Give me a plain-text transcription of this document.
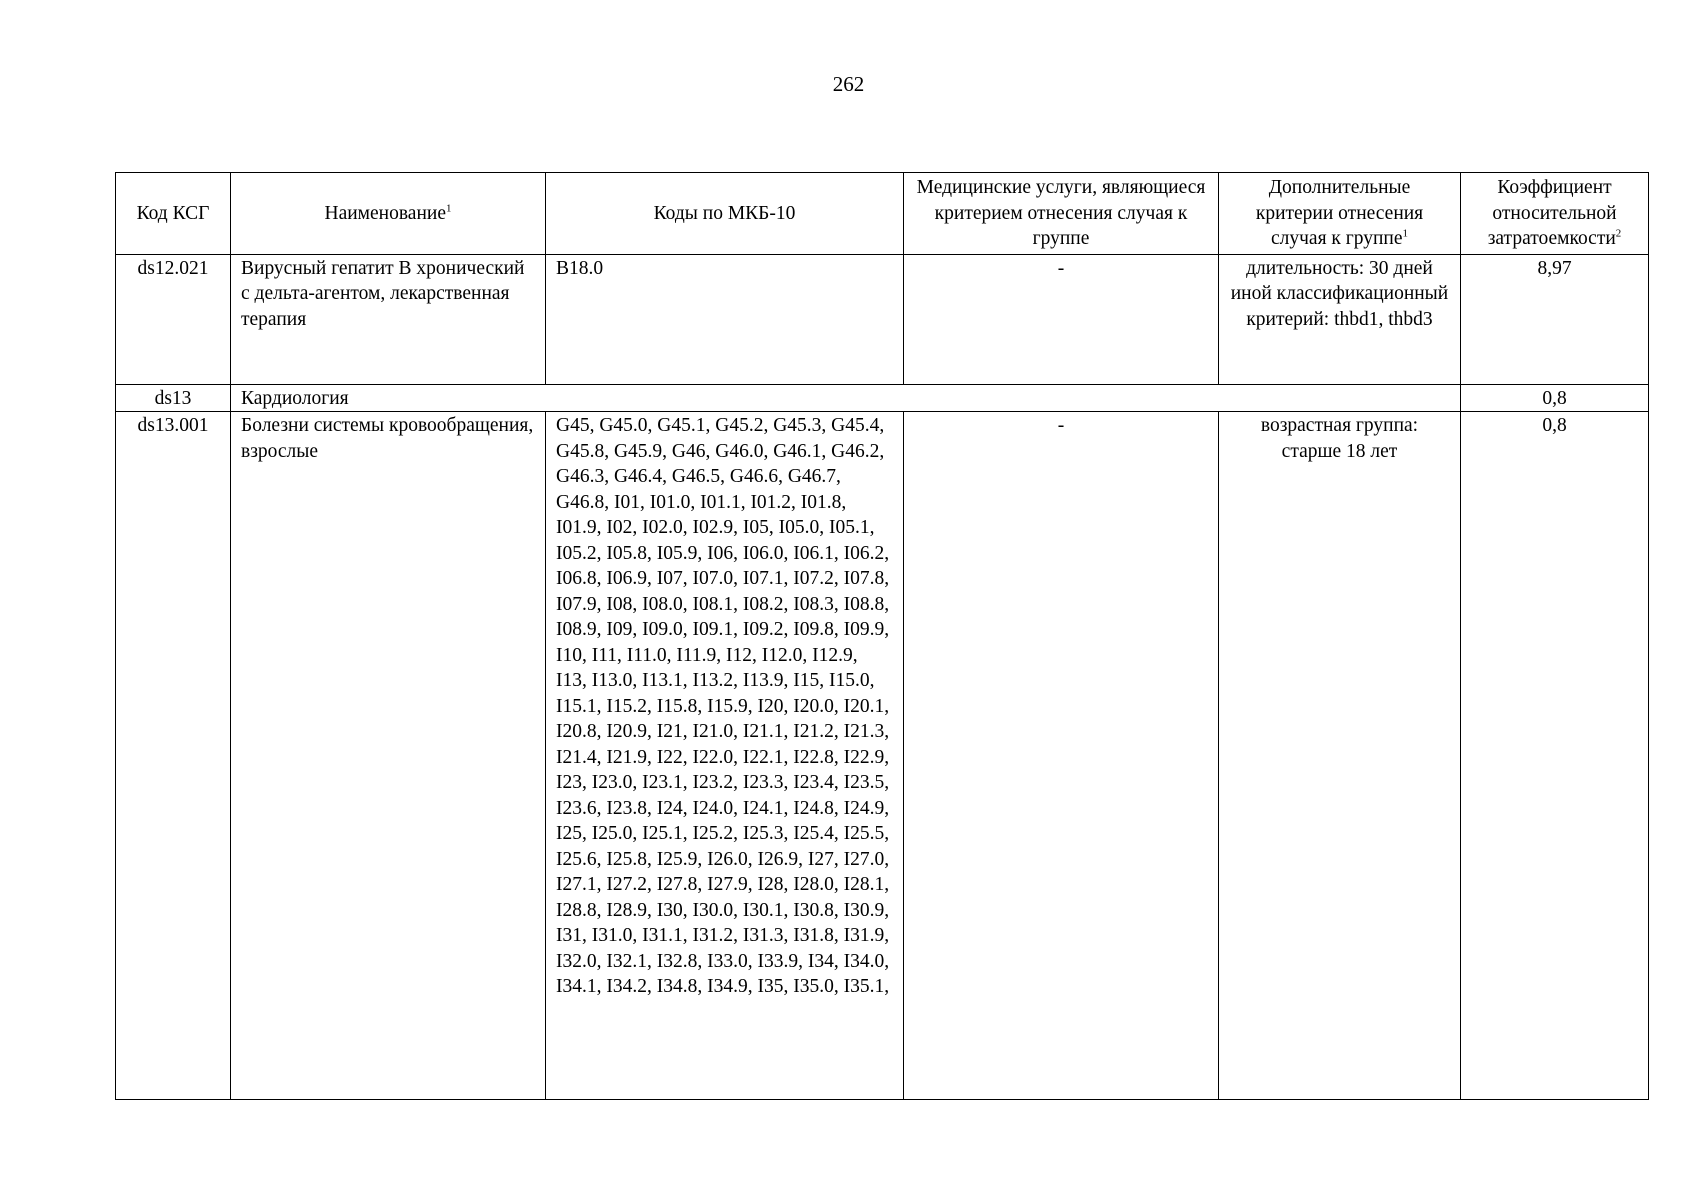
262
Код КСГ	Наименование$^1$	Коды по МКБ-10	Медицинские услуги, являющиеся критерием отнесения случая к группе	Дополнительные критерии отнесения случая к группе$^1$	Коэффициент относительной затратоемкости$^2$
ds12.021	Вирусный гепатит B хронический с дельта-агентом, лекарственная терапия	B18.0	-	длительность: 30 дней иной классификационный критерий: thbd1, thbd3	8,97
ds13	Кардиология				0,8
ds13.001	Болезни системы кровообращения, взрослые	G45, G45.0, G45.1, G45.2, G45.3, G45.4, G45.8, G45.9, G46, G46.0, G46.1, G46.2, G46.3, G46.4, G46.5, G46.6, G46.7, G46.8, I01, I01.0, I01.1, I01.2, I01.8, I01.9, I02, I02.0, I02.9, I05, I05.0, I05.1, I05.2, I05.8, I05.9, I06, I06.0, I06.1, I06.2, I06.8, I06.9, I07, I07.0, I07.1, I07.2, I07.8, I07.9, I08, I08.0, I08.1, I08.2, I08.3, I08.8, I08.9, I09, I09.0, I09.1, I09.2, I09.8, I09.9, I10, I11, I11.0, I11.9, I12, I12.0, I12.9, I13, I13.0, I13.1, I13.2, I13.9, I15, I15.0, I15.1, I15.2, I15.8, I15.9, I20, I20.0, I20.1, I20.8, I20.9, I21, I21.0, I21.1, I21.2, I21.3, I21.4, I21.9, I22, I22.0, I22.1, I22.8, I22.9, I23, I23.0, I23.1, I23.2, I23.3, I23.4, I23.5, I23.6, I23.8, I24, I24.0, I24.1, I24.8, I24.9, I25, I25.0, I25.1, I25.2, I25.3, I25.4, I25.5, I25.6, I25.8, I25.9, I26.0, I26.9, I27, I27.0, I27.1, I27.2, I27.8, I27.9, I28, I28.0, I28.1, I28.8, I28.9, I30, I30.0, I30.1, I30.8, I30.9, I31, I31.0, I31.1, I31.2, I31.3, I31.8, I31.9, I32.0, I32.1, I32.8, I33.0, I33.9, I34, I34.0, I34.1, I34.2, I34.8, I34.9, I35, I35.0, I35.1,	-	возрастная группа: старше 18 лет	0,8
